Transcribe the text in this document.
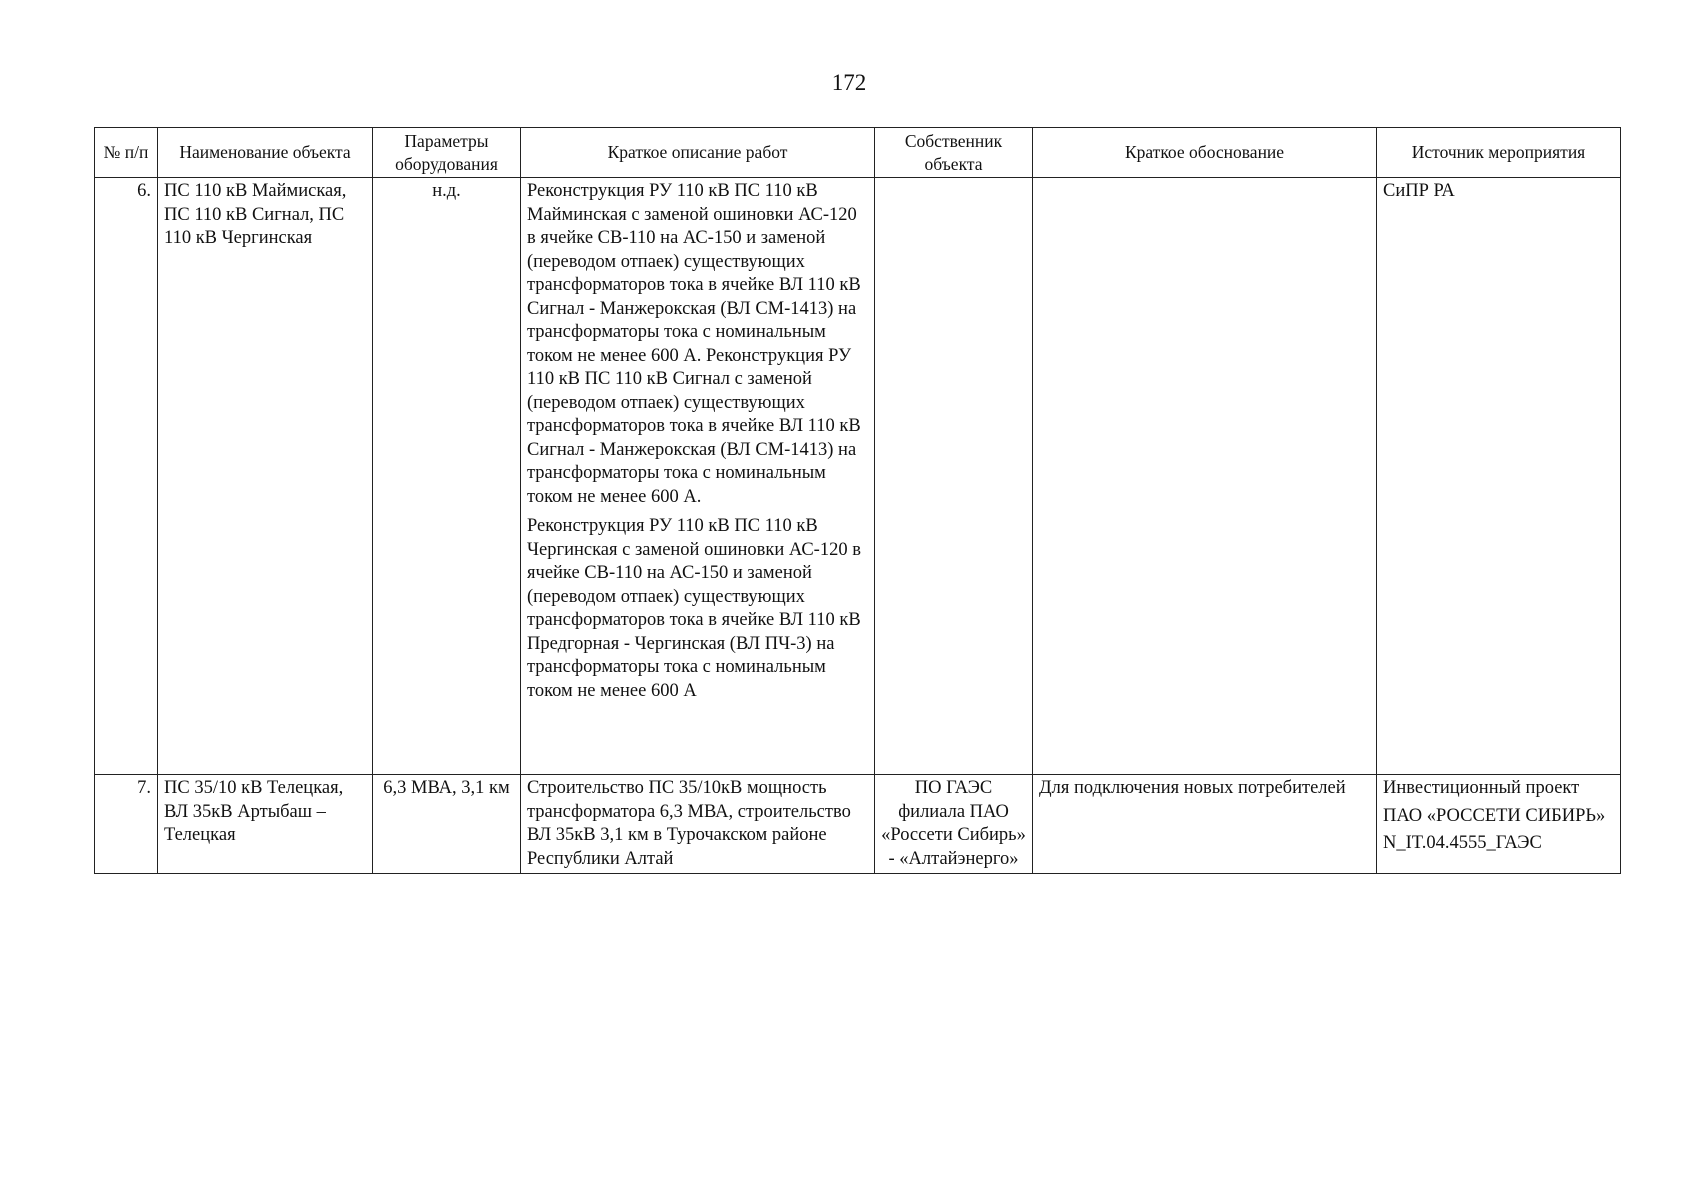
172
№ п/п	Наименование объекта	Параметры оборудования	Краткое описание работ	Собственник объекта	Краткое обоснование	Источник мероприятия
6.	ПС 110 кВ Маймиская, ПС 110 кВ Сигнал, ПС 110 кВ Чергинская	н.д.	Реконструкция РУ 110 кВ ПС 110 кВ Майминская с заменой ошиновки АС-120 в ячейке СВ-110 на АС-150 и заменой (переводом отпаек) существующих трансформаторов тока в ячейке ВЛ 110 кВ Сигнал - Манжерокская (ВЛ СМ-1413) на трансформаторы тока с номинальным током не менее 600 А. Реконструкция РУ 110 кВ ПС 110 кВ Сигнал с заменой (переводом отпаек) существующих трансформаторов тока в ячейке ВЛ 110 кВ Сигнал - Манжерокская (ВЛ СМ-1413) на трансформаторы тока с номинальным током не менее 600 А.
Реконструкция РУ 110 кВ ПС 110 кВ Чергинская с заменой ошиновки АС-120 в ячейке СВ-110 на АС-150 и заменой (переводом отпаек) существующих трансформаторов тока в ячейке ВЛ 110 кВ Предгорная - Чергинская (ВЛ ПЧ-3) на трансформаторы тока с номинальным током не менее 600 А			СиПР РА

7.	ПС 35/10 кВ Телецкая, ВЛ 35кВ Артыбаш – Телецкая	6,3 МВА, 3,1 км	Строительство ПС 35/10кВ мощность трансформатора 6,3 МВА, строительство ВЛ 35кВ 3,1 км в Турочакском районе Республики Алтай	ПО ГАЭС филиала ПАО «Россети Сибирь» - «Алтайэнерго»	Для подключения новых потребителей	Инвестиционный проект
ПАО «РОССЕТИ СИБИРЬ»
N_IT.04.4555_ГАЭС
